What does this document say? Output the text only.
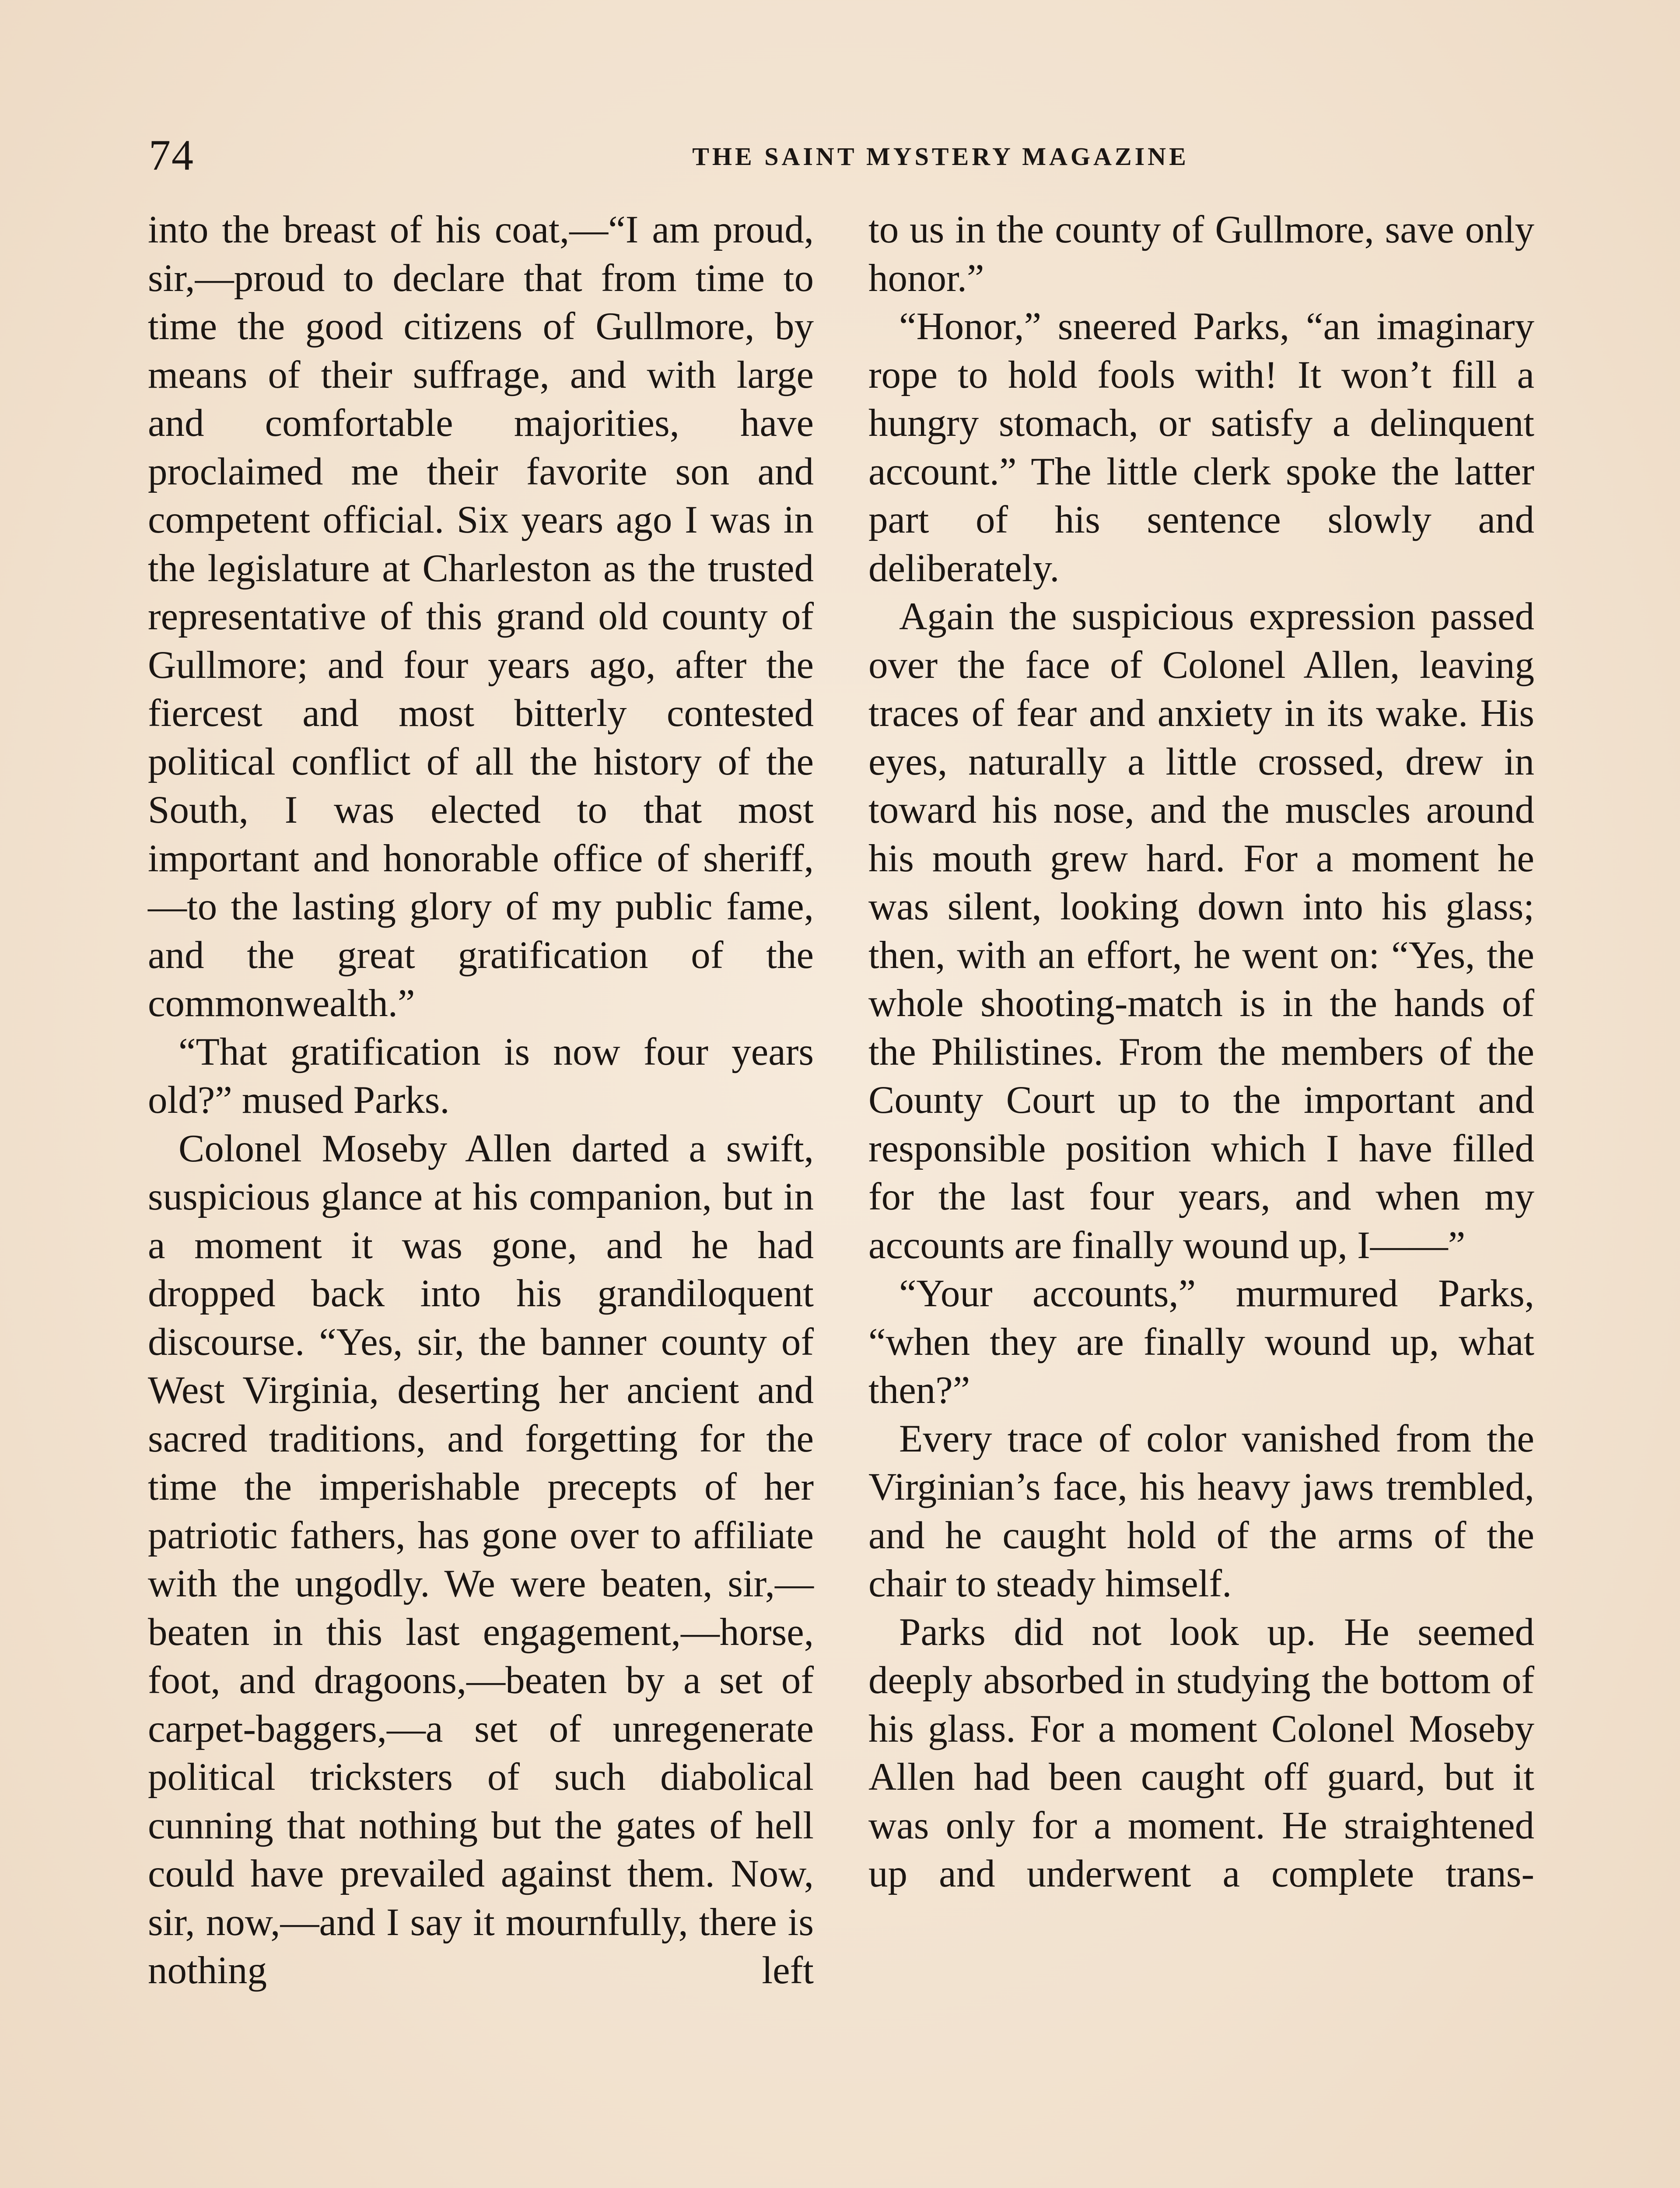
74	THE SAINT MYSTERY MAGAZINE

into the breast of his coat,—“I am proud, sir,—proud to declare that from time to time the good citizens of Gullmore, by means of their suffrage, and with large and comfortable majorities, have proclaimed me their favorite son and competent official. Six years ago I was in the legislature at Charleston as the trusted representative of this grand old county of Gullmore; and four years ago, after the fiercest and most bitterly contested political conflict of all the history of the South, I was elected to that most important and honorable office of sheriff,—to the lasting glory of my public fame, and the great gratification of the commonwealth.”

“That gratification is now four years old?” mused Parks.

Colonel Moseby Allen darted a swift, suspicious glance at his companion, but in a moment it was gone, and he had dropped back into his grandiloquent discourse. “Yes, sir, the banner county of West Virginia, deserting her ancient and sacred traditions, and forgetting for the time the imperishable precepts of her patriotic fathers, has gone over to affiliate with the ungodly. We were beaten, sir,—beaten in this last engagement,—horse, foot, and dragoons,—beaten by a set of carpet-baggers,—a set of unregenerate political tricksters of such diabolical cunning that nothing but the gates of hell could have prevailed against them. Now, sir, now,—and I say it mournfully, there is nothing left

to us in the county of Gullmore, save only honor.”

“Honor,” sneered Parks, “an imaginary rope to hold fools with! It won’t fill a hungry stomach, or satisfy a delinquent account.” The little clerk spoke the latter part of his sentence slowly and deliberately.

Again the suspicious expression passed over the face of Colonel Allen, leaving traces of fear and anxiety in its wake. His eyes, naturally a little crossed, drew in toward his nose, and the muscles around his mouth grew hard. For a moment he was silent, looking down into his glass; then, with an effort, he went on: “Yes, the whole shooting-match is in the hands of the Philistines. From the members of the County Court up to the important and responsible position which I have filled for the last four years, and when my accounts are finally wound up, I——”

“Your accounts,” murmured Parks, “when they are finally wound up, what then?”

Every trace of color vanished from the Virginian’s face, his heavy jaws trembled, and he caught hold of the arms of the chair to steady himself.

Parks did not look up. He seemed deeply absorbed in studying the bottom of his glass. For a moment Colonel Moseby Allen had been caught off guard, but it was only for a moment. He straightened up and underwent a complete trans-
